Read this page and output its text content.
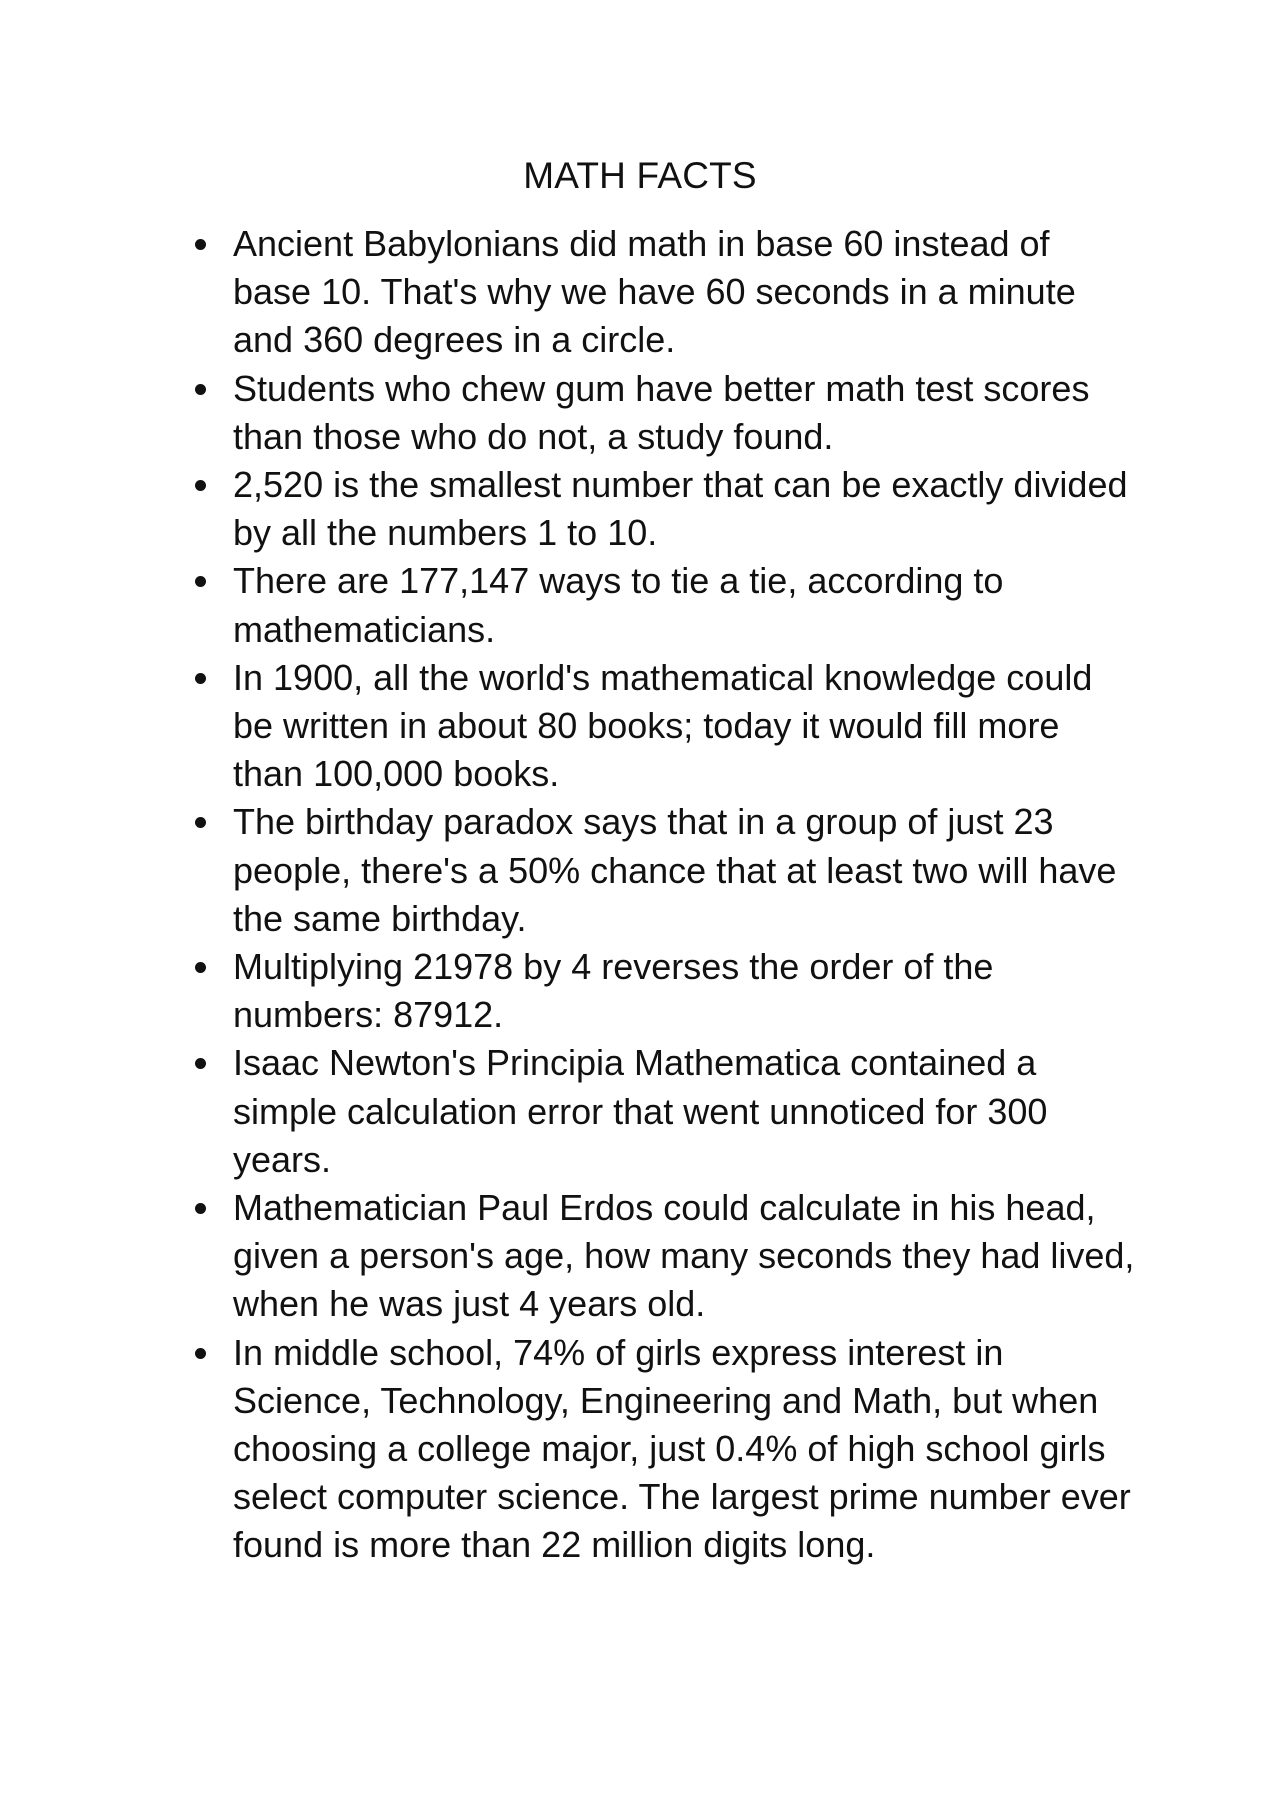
MATH FACTS
Ancient Babylonians did math in base 60 instead of base 10. That's why we have 60 seconds in a minute and 360 degrees in a circle.
Students who chew gum have better math test scores than those who do not, a study found.
2,520 is the smallest number that can be exactly divided by all the numbers 1 to 10.
There are 177,147 ways to tie a tie, according to mathematicians.
In 1900, all the world's mathematical knowledge could be written in about 80 books; today it would fill more than 100,000 books.
The birthday paradox says that in a group of just 23 people, there's a 50% chance that at least two will have the same birthday.
Multiplying 21978 by 4 reverses the order of the numbers: 87912.
Isaac Newton's Principia Mathematica contained a simple calculation error that went unnoticed for 300 years.
Mathematician Paul Erdos could calculate in his head, given a person's age, how many seconds they had lived, when he was just 4 years old.
In middle school, 74% of girls express interest in Science, Technology, Engineering and Math, but when choosing a college major, just 0.4% of high school girls select computer science. The largest prime number ever found is more than 22 million digits long.
